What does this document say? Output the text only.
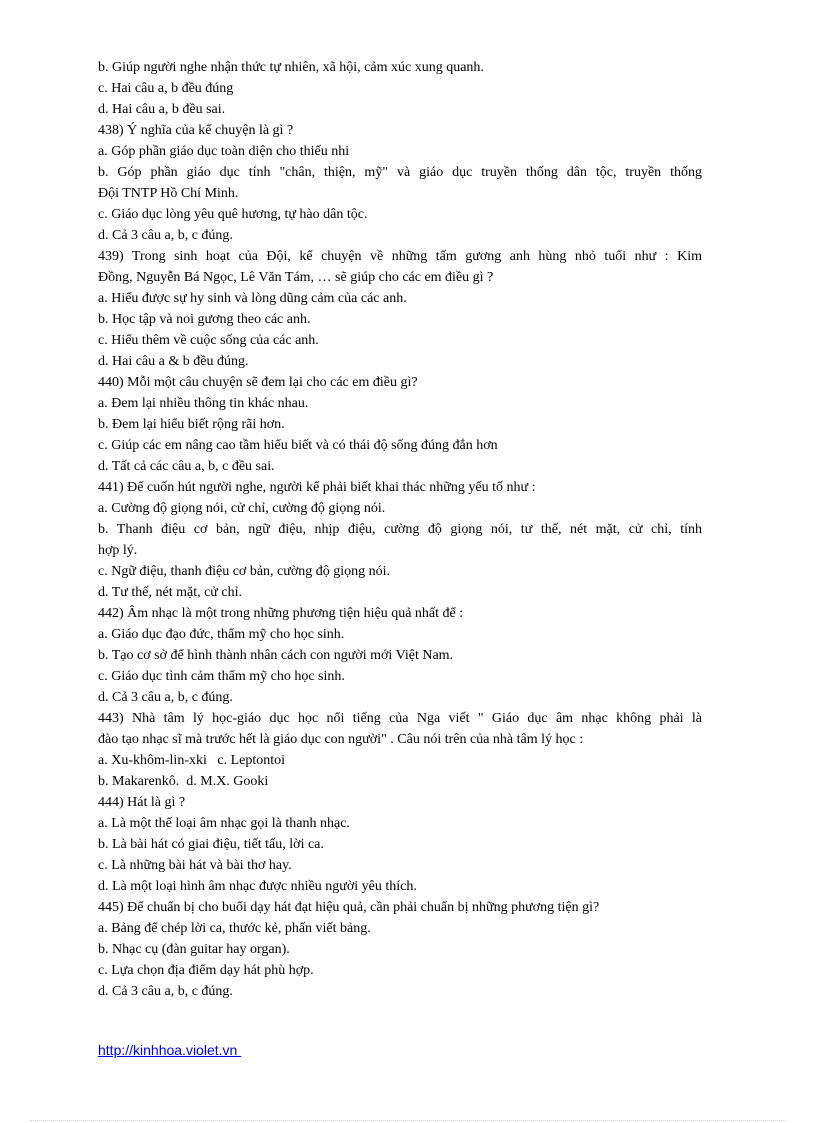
b. Giúp người nghe nhận thức tự nhiên, xã hội, cảm xúc xung quanh.
c. Hai câu a, b đều đúng
d. Hai câu a, b đều sai.
438) Ý nghĩa của kể chuyện là gì ?
a. Góp phần giáo dục toàn diện cho thiếu nhi
b. Góp phần giáo dục tính "chân, thiện, mỹ" và giáo dục truyền thống dân tộc, truyền thống
Đội TNTP Hồ Chí Minh.
c. Giáo dục lòng yêu quê hương, tự hào dân tộc.
d. Cả 3 câu a, b, c đúng.
439) Trong sinh hoạt của Đội, kể chuyện về những tấm gương anh hùng nhỏ tuổi như : Kim
Đồng, Nguyễn Bá Ngọc, Lê Văn Tám, … sẽ giúp cho các em điều gì ?
a. Hiểu được sự hy sinh và lòng dũng cảm của các anh.
b. Học tập và noi gương theo các anh.
c. Hiểu thêm về cuộc sống của các anh.
d. Hai câu a & b đều đúng.
440) Mỗi một câu chuyện sẽ đem lại cho các em điều gì?
a. Đem lại nhiều thông tin khác nhau.
b. Đem lại hiểu biết rộng rãi hơn.
c. Giúp các em nâng cao tầm hiểu biết và có thái độ sống đúng đắn hơn
d. Tất cả các câu a, b, c đều sai.
441) Để cuốn hút người nghe, người kể phải biết khai thác những yếu tố như :
a. Cường độ giọng nói, cử chỉ, cường độ giọng nói.
b. Thanh điệu cơ bản, ngữ điệu, nhịp điệu, cường độ giọng nói, tư thế, nét mặt, cử chỉ, tính
hợp lý.
c. Ngữ điệu, thanh điệu cơ bản, cường độ giọng nói.
d. Tư thế, nét mặt, cử chỉ.
442) Âm nhạc là một trong những phương tiện hiệu quả nhất để :
a. Giáo dục đạo đức, thẩm mỹ cho học sinh.
b. Tạo cơ sở để hình thành nhân cách con người mới Việt Nam.
c. Giáo dục tình cảm thẩm mỹ cho học sinh.
d. Cả 3 câu a, b, c đúng.
443) Nhà tâm lý học-giáo dục học nổi tiếng của Nga viết " Giáo dục âm nhạc không phải là
đào tạo nhạc sĩ mà trước hết là giáo dục con người" . Câu nói trên của nhà tâm lý học :
a. Xu-khôm-lin-xki   c. Leptontoi
b. Makarenkô.  d. M.X. Gooki
444) Hát là gì ?
a. Là một thể loại âm nhạc gọi là thanh nhạc.
b. Là bài hát có giai điệu, tiết tấu, lời ca.
c. Là những bài hát và bài thơ hay.
d. Là một loại hình âm nhạc được nhiều người yêu thích.
445) Để chuẩn bị cho buổi dạy hát đạt hiệu quả, cần phải chuẩn bị những phương tiện gì?
a. Bảng để chép lời ca, thước kẻ, phấn viết bảng.
b. Nhạc cụ (đàn guitar hay organ).
c. Lựa chọn địa điểm dạy hát phù hợp.
d. Cả 3 câu a, b, c đúng.
http://kinhhoa.violet.vn
